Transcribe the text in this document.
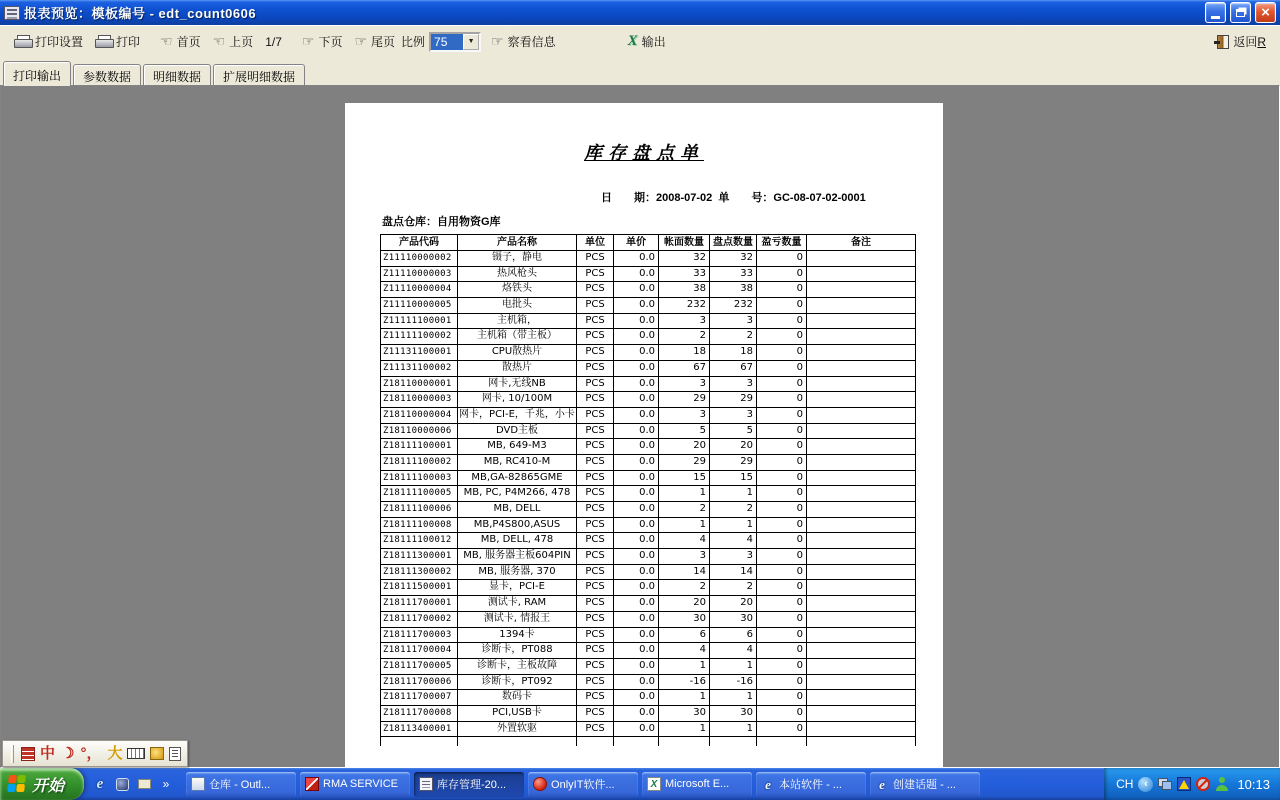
报表预览：模板编号 - edt_count0606	×
打印设置	打印 ☜	首页 ☜ 上页	1/7 ☞	下页 ☞ 尾页 比例 75	▼ ☞	察看信息 X	输出	返回 R
打印输出	参数数据	明细数据	扩展明细数据
库存盘点单
日　　期：2008-07-02  单　　号：GC-08-07-02-0001
盘点仓库：自用物资G库
产品代码	产品名称	单位	单价	帐面数量 盘点数量 盈亏数量	备注
Z11110000002	镊子，静电	PCS	0.0	32	32	0
Z11110000003	热风枪头	PCS	0.0	33	33	0
Z11110000004	烙铁头	PCS	0.0	38	38	0
Z11110000005	电批头	PCS	0.0	232	232	0
Z11111100001	主机箱，	PCS	0.0	3	3	0
Z11111100002	主机箱（带主板）	PCS	0.0	2	2	0
Z11131100001	CPU散热片	PCS	0.0	18	18	0
Z11131100002	散热片	PCS	0.0	67	67	0
Z18110000001	网卡,无线NB	PCS	0.0	3	3	0
Z18110000003	网卡, 10/100M	PCS	0.0	29	29	0
Z18110000004 网卡，PCI-E，千兆，小卡	PCS	0.0	3	3	0
Z18110000006	DVD主板	PCS	0.0	5	5	0
Z18111100001	MB, 649-M3	PCS	0.0	20	20	0
Z18111100002	MB, RC410-M	PCS	0.0	29	29	0
Z18111100003	MB,GA-82865GME	PCS	0.0	15	15	0
Z18111100005	MB, PC, P4M266, 478	PCS	0.0	1	1	0
Z18111100006	MB, DELL	PCS	0.0	2	2	0
Z18111100008	MB,P4S800,ASUS	PCS	0.0	1	1	0
Z18111100012	MB, DELL, 478	PCS	0.0	4	4	0
Z18111300001	MB, 服务器主板604PIN	PCS	0.0	3	3	0
Z18111300002	MB, 服务器, 370	PCS	0.0	14	14	0
Z18111500001	显卡，PCI-E	PCS	0.0	2	2	0
Z18111700001	测试卡, RAM	PCS	0.0	20	20	0
Z18111700002	测试卡, 情报王	PCS	0.0	30	30	0
Z18111700003	1394卡	PCS	0.0	6	6	0
Z18111700004	诊断卡，PT088	PCS	0.0	4	4	0
Z18111700005	诊断卡，主板故障	PCS	0.0	1	1	0
Z18111700006	诊断卡，PT092	PCS	0.0	-16	-16	0
Z18111700007	数码卡	PCS	0.0	1	1	0
Z18111700008	PCI,USB卡	PCS	0.0	30	30	0
Z18113400001	外置软驱	PCS	0.0	1	1	0
开始 e	»	仓库 - Outl...	RMA SERVICE	库存管理-20...	OnlyIT软件... X	Microsoft E... e	本站软件 - ... e	创建话题 - ...	CH ‹	10:13
中 ☽ °， 大
